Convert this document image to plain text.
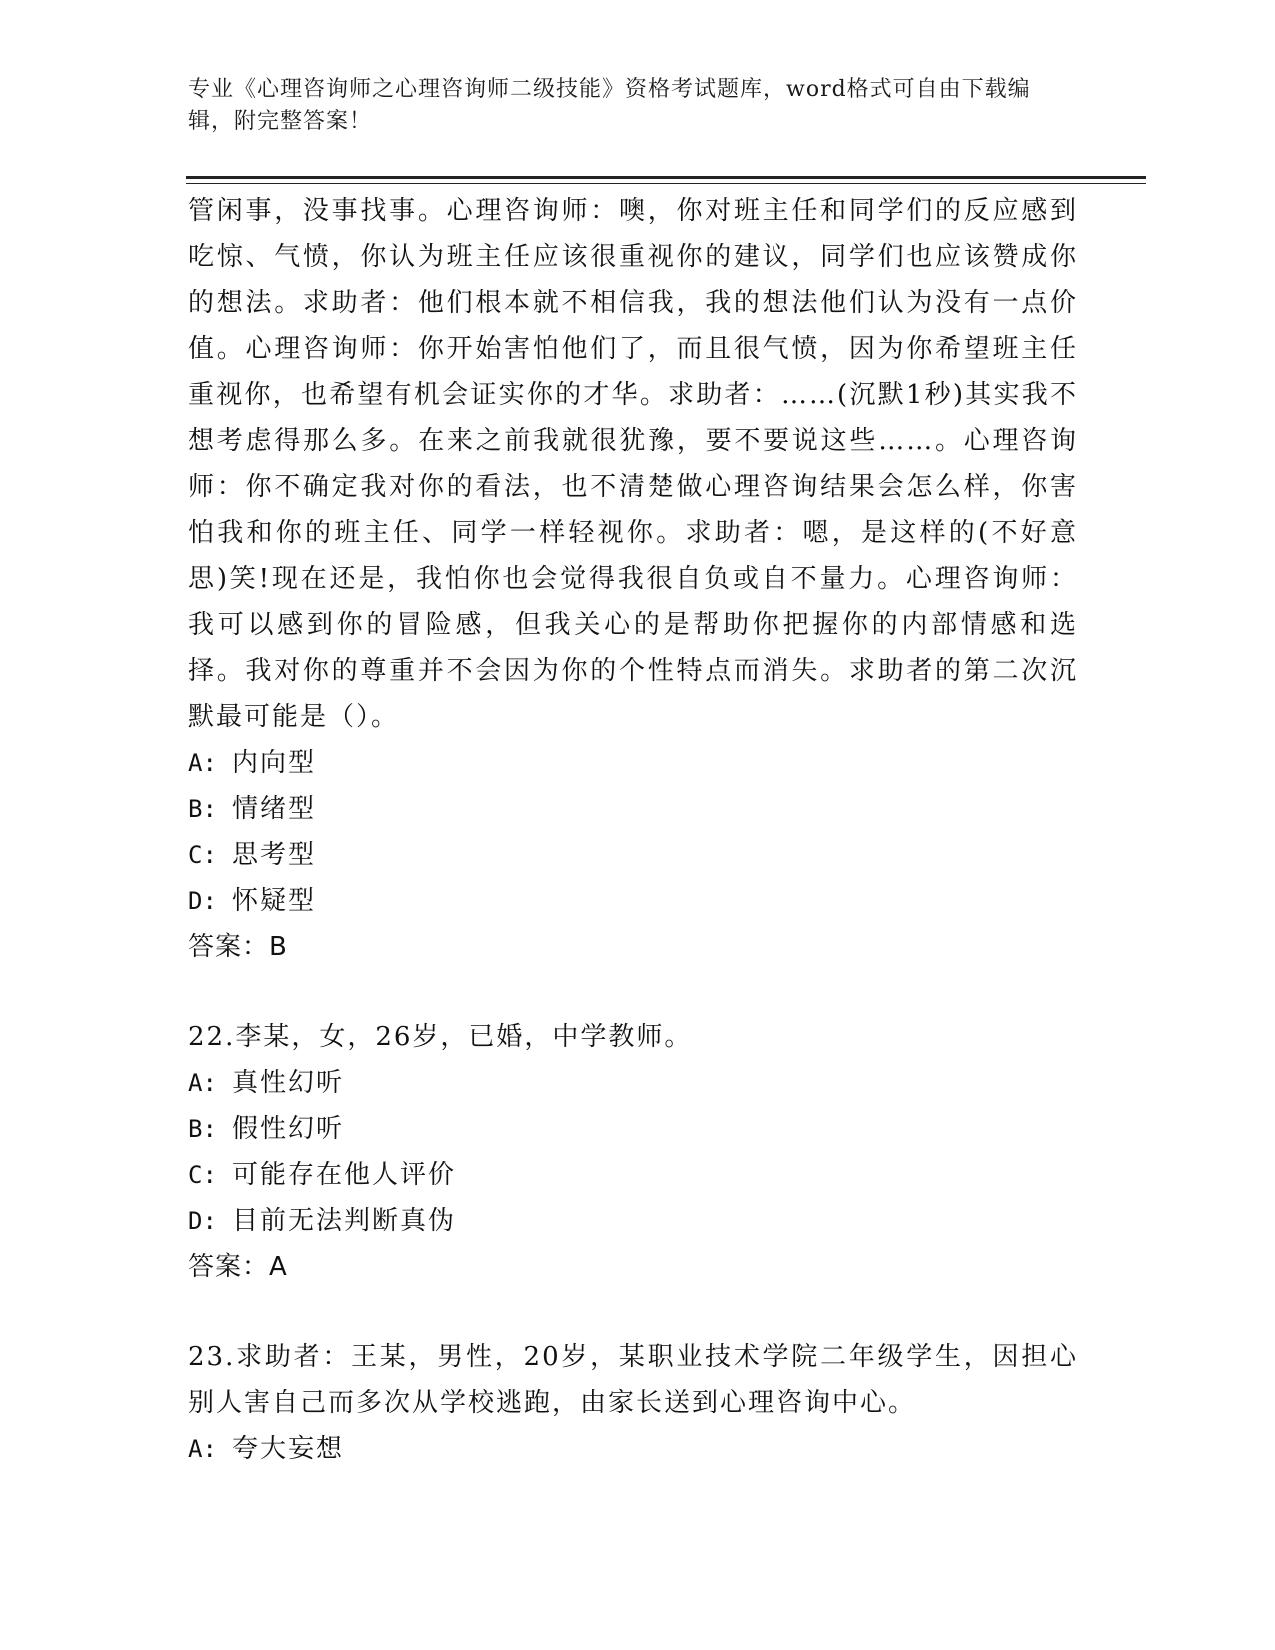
专业《心理咨询师之心理咨询师二级技能》资格考试题库，word格式可自由下载编辑，附完整答案！

管闲事，没事找事。心理咨询师：噢，你对班主任和同学们的反应感到吃惊、气愤，你认为班主任应该很重视你的建议，同学们也应该赞成你的想法。求助者：他们根本就不相信我，我的想法他们认为没有一点价值。心理咨询师：你开始害怕他们了，而且很气愤，因为你希望班主任重视你，也希望有机会证实你的才华。求助者：……(沉默1秒)其实我不想考虑得那么多。在来之前我就很犹豫，要不要说这些……。心理咨询师：你不确定我对你的看法，也不清楚做心理咨询结果会怎么样，你害怕我和你的班主任、同学一样轻视你。求助者：嗯，是这样的(不好意思)笑!现在还是，我怕你也会觉得我很自负或自不量力。心理咨询师：我可以感到你的冒险感，但我关心的是帮助你把握你的内部情感和选择。我对你的尊重并不会因为你的个性特点而消失。求助者的第二次沉默最可能是（）。

A: 内向型

B: 情绪型

C: 思考型

D: 怀疑型

答案：B

22.李某，女，26岁，已婚，中学教师。

A: 真性幻听

B: 假性幻听

C: 可能存在他人评价

D: 目前无法判断真伪

答案：A

23.求助者：王某，男性，20岁，某职业技术学院二年级学生，因担心别人害自己而多次从学校逃跑，由家长送到心理咨询中心。

A: 夸大妄想
